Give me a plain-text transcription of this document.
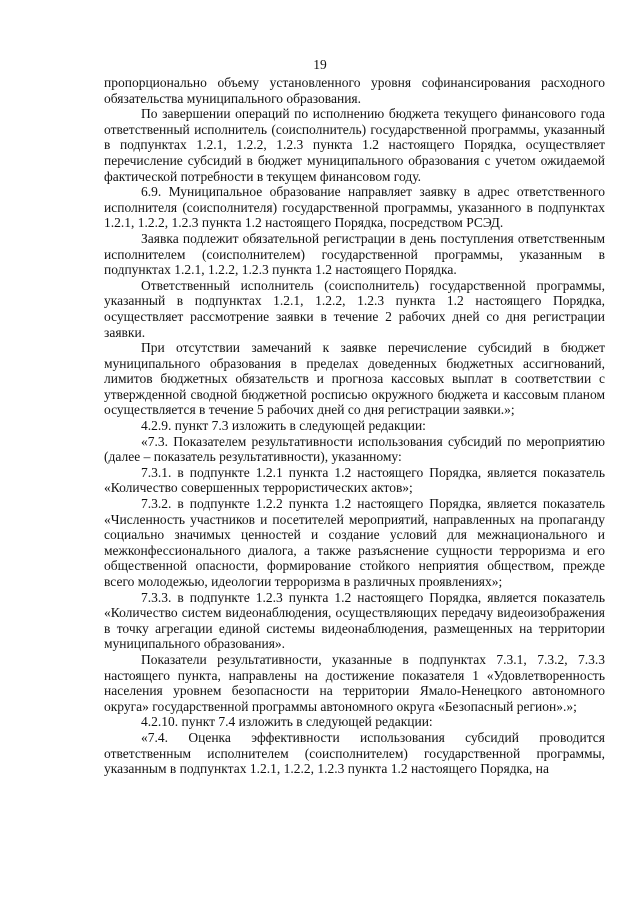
19

пропорционально объему установленного уровня софинансирования расходного обязательства муниципального образования.

По завершении операций по исполнению бюджета текущего финансового года ответственный исполнитель (соисполнитель) государственной программы, указанный в подпунктах 1.2.1, 1.2.2, 1.2.3 пункта 1.2 настоящего Порядка, осуществляет перечисление субсидий в бюджет муниципального образования с учетом ожидаемой фактической потребности в текущем финансовом году.

6.9. Муниципальное образование направляет заявку в адрес ответственного исполнителя (соисполнителя) государственной программы, указанного в подпунктах 1.2.1, 1.2.2, 1.2.3 пункта 1.2 настоящего Порядка, посредством РСЭД.

Заявка подлежит обязательной регистрации в день поступления ответственным исполнителем (соисполнителем) государственной программы, указанным в подпунктах 1.2.1, 1.2.2, 1.2.3 пункта 1.2 настоящего Порядка.

Ответственный исполнитель (соисполнитель) государственной программы, указанный в подпунктах 1.2.1, 1.2.2, 1.2.3 пункта 1.2 настоящего Порядка, осуществляет рассмотрение заявки в течение 2 рабочих дней со дня регистрации заявки.

При отсутствии замечаний к заявке перечисление субсидий в бюджет муниципального образования в пределах доведенных бюджетных ассигнований, лимитов бюджетных обязательств и прогноза кассовых выплат в соответствии с утвержденной сводной бюджетной росписью окружного бюджета и кассовым планом осуществляется в течение 5 рабочих дней со дня регистрации заявки.»;

4.2.9. пункт 7.3 изложить в следующей редакции:

«7.3. Показателем результативности использования субсидий по мероприятию (далее – показатель результативности), указанному:

7.3.1. в подпункте 1.2.1 пункта 1.2 настоящего Порядка, является показатель «Количество совершенных террористических актов»;

7.3.2. в подпункте 1.2.2 пункта 1.2 настоящего Порядка, является показатель «Численность участников и посетителей мероприятий, направленных на пропаганду социально значимых ценностей и создание условий для межнационального и межконфессионального диалога, а также разъяснение сущности терроризма и его общественной опасности, формирование стойкого неприятия обществом, прежде всего молодежью, идеологии терроризма в различных проявлениях»;

7.3.3. в подпункте 1.2.3 пункта 1.2 настоящего Порядка, является показатель «Количество систем видеонаблюдения, осуществляющих передачу видеоизображения в точку агрегации единой системы видеонаблюдения, размещенных на территории муниципального образования».

Показатели результативности, указанные в подпунктах 7.3.1, 7.3.2, 7.3.3 настоящего пункта, направлены на достижение показателя 1 «Удовлетворенность населения уровнем безопасности на территории Ямало-Ненецкого автономного округа» государственной программы автономного округа «Безопасный регион».»;

4.2.10. пункт 7.4 изложить в следующей редакции:

«7.4. Оценка эффективности использования субсидий проводится ответственным исполнителем (соисполнителем) государственной программы, указанным в подпунктах 1.2.1, 1.2.2, 1.2.3 пункта 1.2 настоящего Порядка, на
